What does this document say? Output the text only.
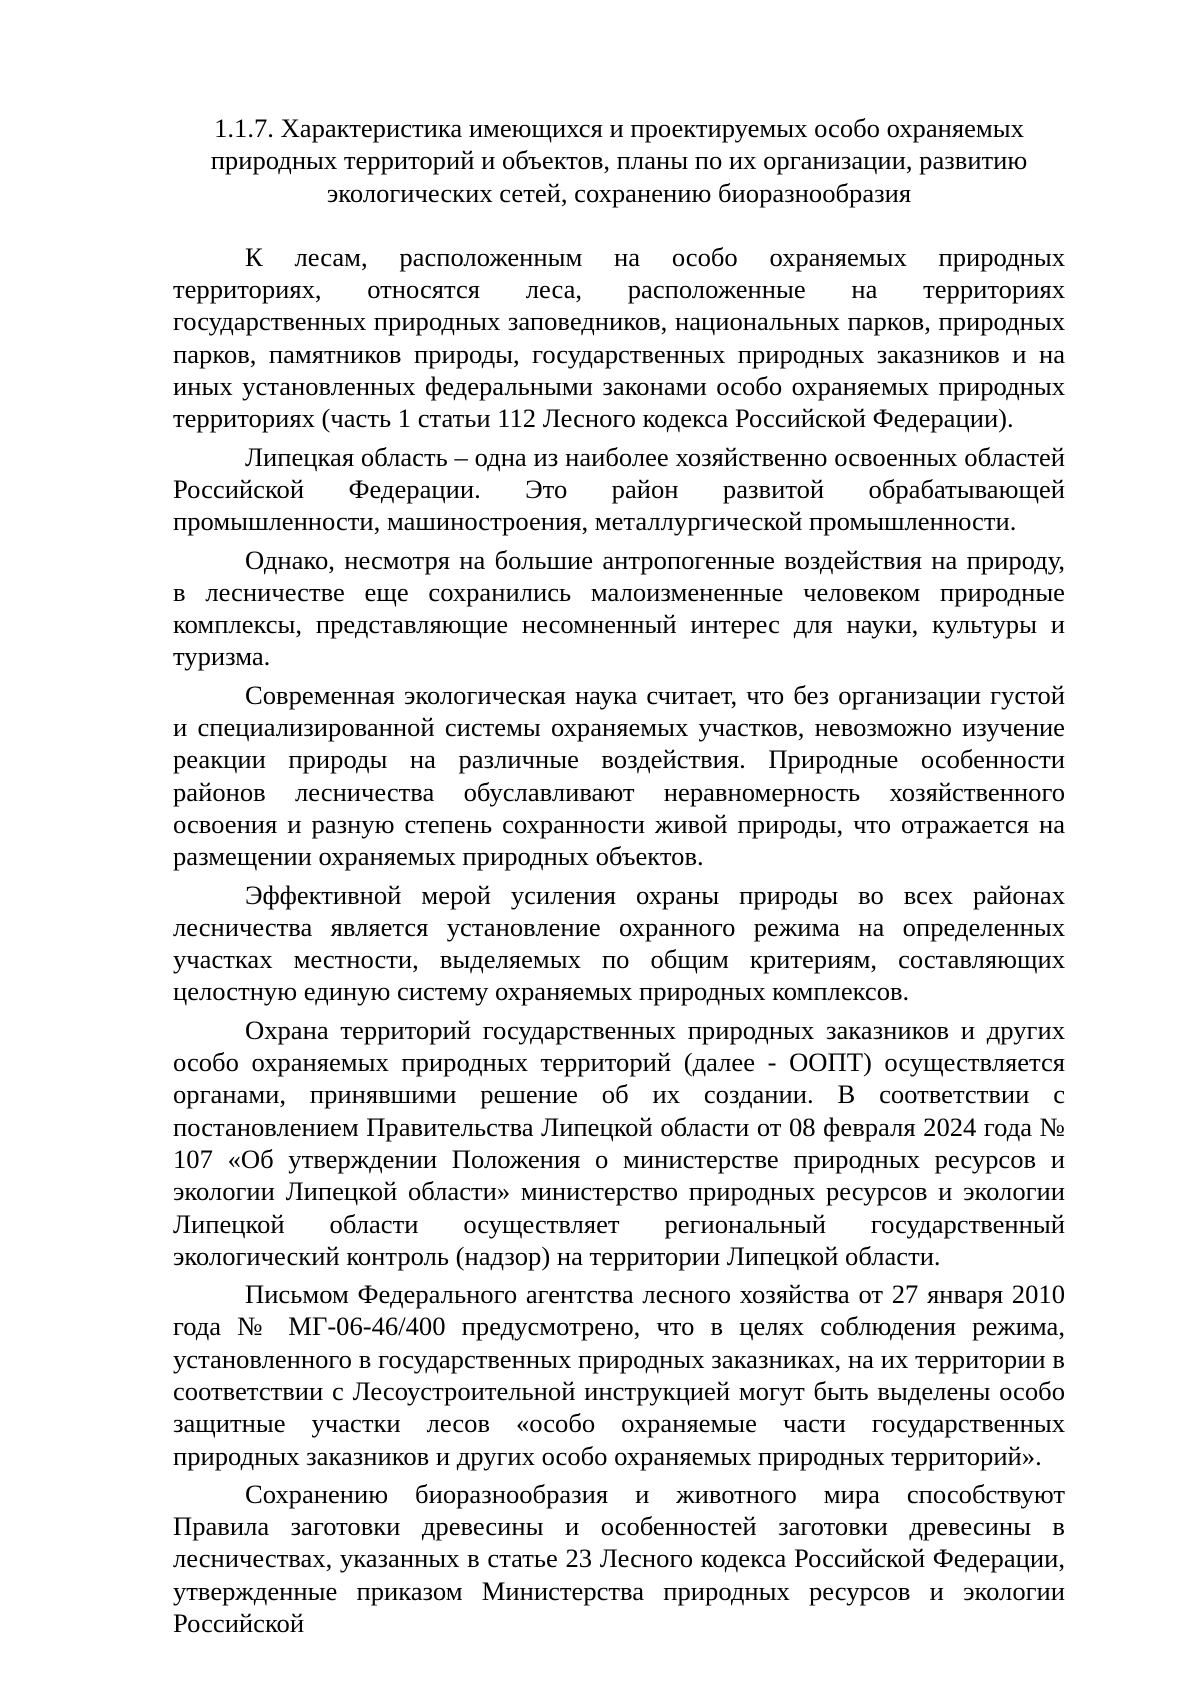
1.1.7. Характеристика имеющихся и проектируемых особо охраняемых
природных территорий и объектов, планы по их организации, развитию
экологических сетей, сохранению биоразнообразия

К лесам, расположенным на особо охраняемых природных территориях, относятся леса, расположенные на территориях государственных природных заповедников, национальных парков, природных парков, памятников природы, государственных природных заказников и на иных установленных федеральными законами особо охраняемых природных территориях (часть 1 статьи 112 Лесного кодекса Российской Федерации).

Липецкая область – одна из наиболее хозяйственно освоенных областей Российской Федерации. Это район развитой обрабатывающей промышленности, машиностроения, металлургической промышленности.

Однако, несмотря на большие антропогенные воздействия на природу, в лесничестве еще сохранились малоизмененные человеком природные комплексы, представляющие несомненный интерес для науки, культуры и туризма.

Современная экологическая наука считает, что без организации густой и специализированной системы охраняемых участков, невозможно изучение реакции природы на различные воздействия. Природные особенности районов лесничества обуславливают неравномерность хозяйственного освоения и разную степень сохранности живой природы, что отражается на размещении охраняемых природных объектов.

Эффективной мерой усиления охраны природы во всех районах лесничества является установление охранного режима на определенных участках местности, выделяемых по общим критериям, составляющих целостную единую систему охраняемых природных комплексов.

Охрана территорий государственных природных заказников и других особо охраняемых природных территорий (далее - ООПТ) осуществляется органами, принявшими решение об их создании. В соответствии с постановлением Правительства Липецкой области от 08 февраля 2024 года № 107 «Об утверждении Положения о министерстве природных ресурсов и экологии Липецкой области» министерство природных ресурсов и экологии Липецкой области осуществляет региональный государственный экологический контроль (надзор) на территории Липецкой области.

Письмом Федерального агентства лесного хозяйства от 27 января 2010 года № МГ-06-46/400 предусмотрено, что в целях соблюдения режима, установленного в государственных природных заказниках, на их территории в соответствии с Лесоустроительной инструкцией могут быть выделены особо защитные участки лесов «особо охраняемые части государственных природных заказников и других особо охраняемых природных территорий».

Сохранению биоразнообразия и животного мира способствуют Правила заготовки древесины и особенностей заготовки древесины в лесничествах, указанных в статье 23 Лесного кодекса Российской Федерации, утвержденные приказом Министерства природных ресурсов и экологии Российской
